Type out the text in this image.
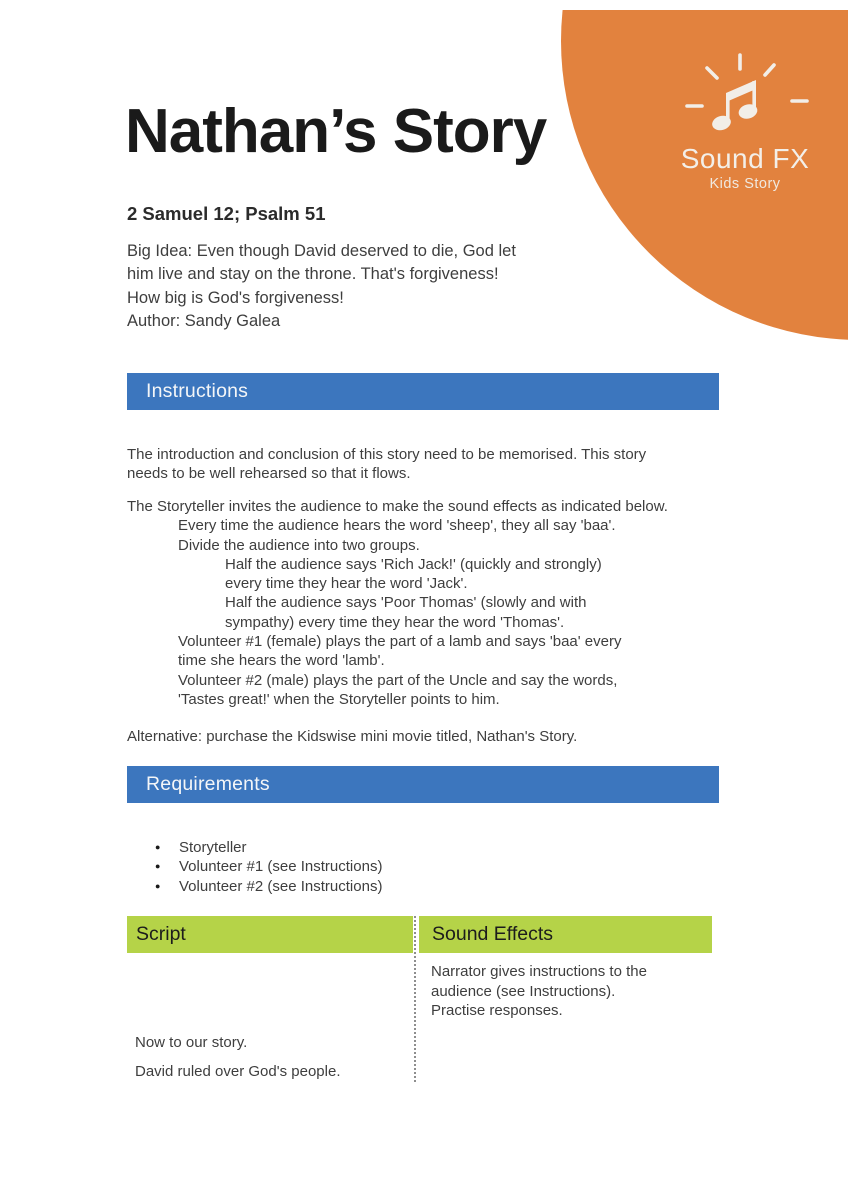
Sound FX
Kids Story
Nathan’s Story
2 Samuel 12; Psalm 51
Big Idea: Even though David deserved to die, God let
him live and stay on the throne. That's forgiveness!
How big is God's forgiveness!
Author: Sandy Galea
Instructions
The introduction and conclusion of this story need to be memorised. This story
needs to be well rehearsed so that it flows.
The Storyteller invites the audience to make the sound effects as indicated below.
Every time the audience hears the word 'sheep', they all say 'baa'.
Divide the audience into two groups.
Half the audience says 'Rich Jack!' (quickly and strongly)
every time they hear the word 'Jack'.
Half the audience says 'Poor Thomas' (slowly and with
sympathy) every time they hear the word 'Thomas'.
Volunteer #1 (female) plays the part of a lamb and says 'baa' every
time she hears the word 'lamb'.
Volunteer #2 (male) plays the part of the Uncle and say the words,
'Tastes great!' when the Storyteller points to him.
Alternative: purchase the Kidswise mini movie titled, Nathan's Story.
Requirements
● Storyteller
● Volunteer #1 (see Instructions)
● Volunteer #2 (see Instructions)
Script	Sound Effects
Narrator gives instructions to the
audience (see Instructions).
Practise responses.
Now to our story.
David ruled over God's people.
